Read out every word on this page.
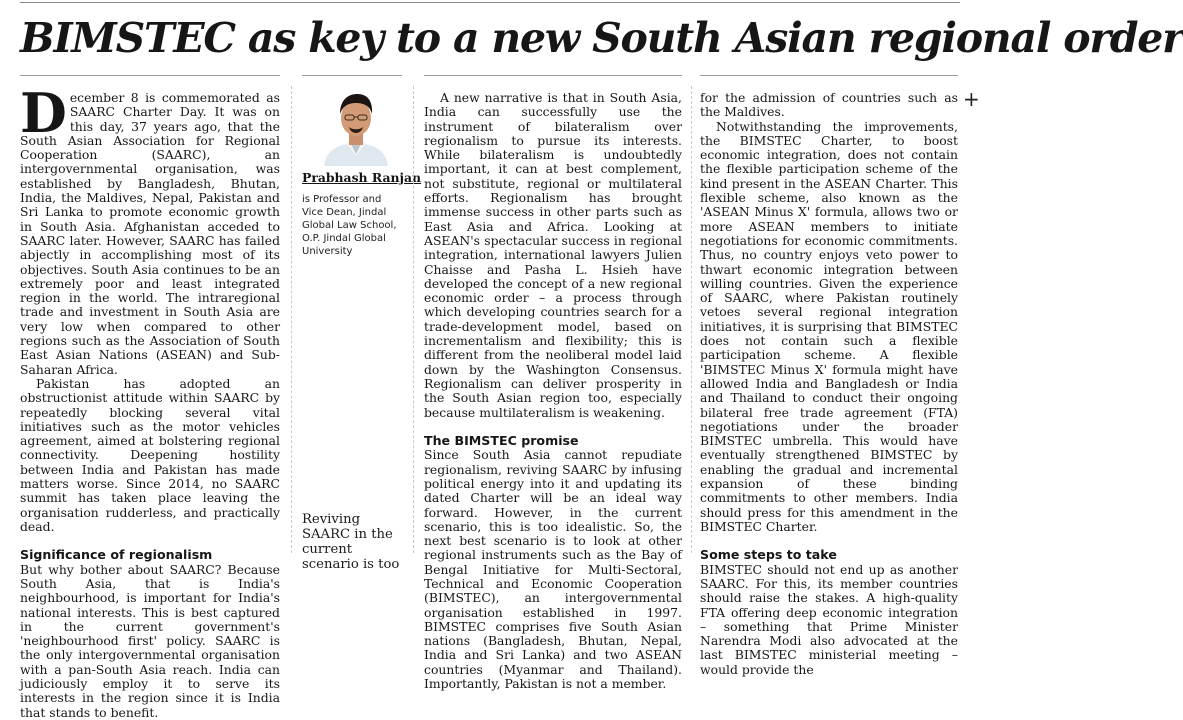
BIMSTEC as key to a new South Asian regional order
D ecember 8 is commemorated as SAARC Charter Day. It was on this day, 37 years ago, that the South Asian Association for Regional Cooperation (SAARC), an intergovernmental organisation, was established by Bangladesh, Bhutan, India, the Maldives, Nepal, Pakistan and Sri Lanka to promote economic growth in South Asia. Afghanistan acceded to SAARC later. However, SAARC has failed abjectly in accomplishing most of its objectives. South Asia continues to be an extremely poor and least integrated region in the world. The intraregional trade and investment in South Asia are very low when compared to other regions such as the Association of South East Asian Nations (ASEAN) and Sub-Saharan Africa.

Pakistan has adopted an obstructionist attitude within SAARC by repeatedly blocking several vital initiatives such as the motor vehicles agreement, aimed at bolstering regional connectivity. Deepening hostility between India and Pakistan has made matters worse. Since 2014, no SAARC summit has taken place leaving the organisation rudderless, and practically dead.

Significance of regionalism

But why bother about SAARC? Because South Asia, that is India's neighbourhood, is important for India's national interests. This is best captured in the current government's 'neighbourhood first' policy. SAARC is the only intergovernmental organisation with a pan-South Asia reach. India can judiciously employ it to serve its interests in the region since it is India that stands to benefit.

Prabhash Ranjan
is Professor and Vice Dean, Jindal Global Law School, O.P. Jindal Global University
Reviving SAARC in the current scenario is too

A new narrative is that in South Asia, India can successfully use the instrument of bilateralism over regionalism to pursue its interests. While bilateralism is undoubtedly important, it can at best complement, not substitute, regional or multilateral efforts. Regionalism has brought immense success in other parts such as East Asia and Africa. Looking at ASEAN's spectacular success in regional integration, international lawyers Julien Chaisse and Pasha L. Hsieh have developed the concept of a new regional economic order – a process through which developing countries search for a trade-development model, based on incrementalism and flexibility; this is different from the neoliberal model laid down by the Washington Consensus. Regionalism can deliver prosperity in the South Asian region too, especially because multilateralism is weakening.

The BIMSTEC promise

Since South Asia cannot repudiate regionalism, reviving SAARC by infusing political energy into it and updating its dated Charter will be an ideal way forward. However, in the current scenario, this is too idealistic. So, the next best scenario is to look at other regional instruments such as the Bay of Bengal Initiative for Multi-Sectoral, Technical and Economic Cooperation (BIMSTEC), an intergovernmental organisation established in 1997. BIMSTEC comprises five South Asian nations (Bangladesh, Bhutan, Nepal, India and Sri Lanka) and two ASEAN countries (Myanmar and Thailand). Importantly, Pakistan is not a member.

for the admission of countries such as the Maldives.

Notwithstanding the improvements, the BIMSTEC Charter, to boost economic integration, does not contain the flexible participation scheme of the kind present in the ASEAN Charter. This flexible scheme, also known as the 'ASEAN Minus X' formula, allows two or more ASEAN members to initiate negotiations for economic commitments. Thus, no country enjoys veto power to thwart economic integration between willing countries. Given the experience of SAARC, where Pakistan routinely vetoes several regional integration initiatives, it is surprising that BIMSTEC does not contain such a flexible participation scheme. A flexible 'BIMSTEC Minus X' formula might have allowed India and Bangladesh or India and Thailand to conduct their ongoing bilateral free trade agreement (FTA) negotiations under the broader BIMSTEC umbrella. This would have eventually strengthened BIMSTEC by enabling the gradual and incremental expansion of these binding commitments to other members. India should press for this amendment in the BIMSTEC Charter.

Some steps to take

BIMSTEC should not end up as another SAARC. For this, its member countries should raise the stakes. A high-quality FTA offering deep economic integration – something that Prime Minister Narendra Modi also advocated at the last BIMSTEC ministerial meeting – would provide the

+
